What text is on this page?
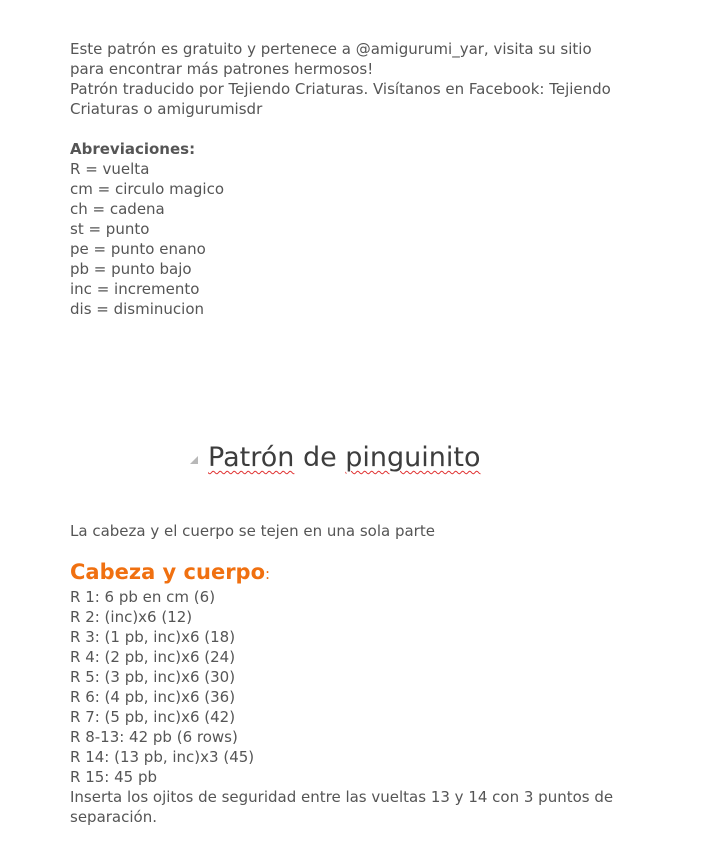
Este patrón es gratuito y pertenece a @amigurumi_yar, visita su sitio
para encontrar más patrones hermosos!
Patrón traducido por Tejiendo Criaturas. Visítanos en Facebook: Tejiendo
Criaturas o amigurumisdr
Abreviaciones:
R = vuelta
cm = circulo magico
ch = cadena
st = punto
pe = punto enano
pb = punto bajo
inc = incremento
dis = disminucion
Patrón de pinguinito
La cabeza y el cuerpo se tejen en una sola parte
Cabeza y cuerpo:
R 1: 6 pb en cm (6)
R 2: (inc)x6 (12)
R 3: (1 pb, inc)x6 (18)
R 4: (2 pb, inc)x6 (24)
R 5: (3 pb, inc)x6 (30)
R 6: (4 pb, inc)x6 (36)
R 7: (5 pb, inc)x6 (42)
R 8-13: 42 pb (6 rows)
R 14: (13 pb, inc)x3 (45)
R 15: 45 pb
Inserta los ojitos de seguridad entre las vueltas 13 y 14 con 3 puntos de
separación.
